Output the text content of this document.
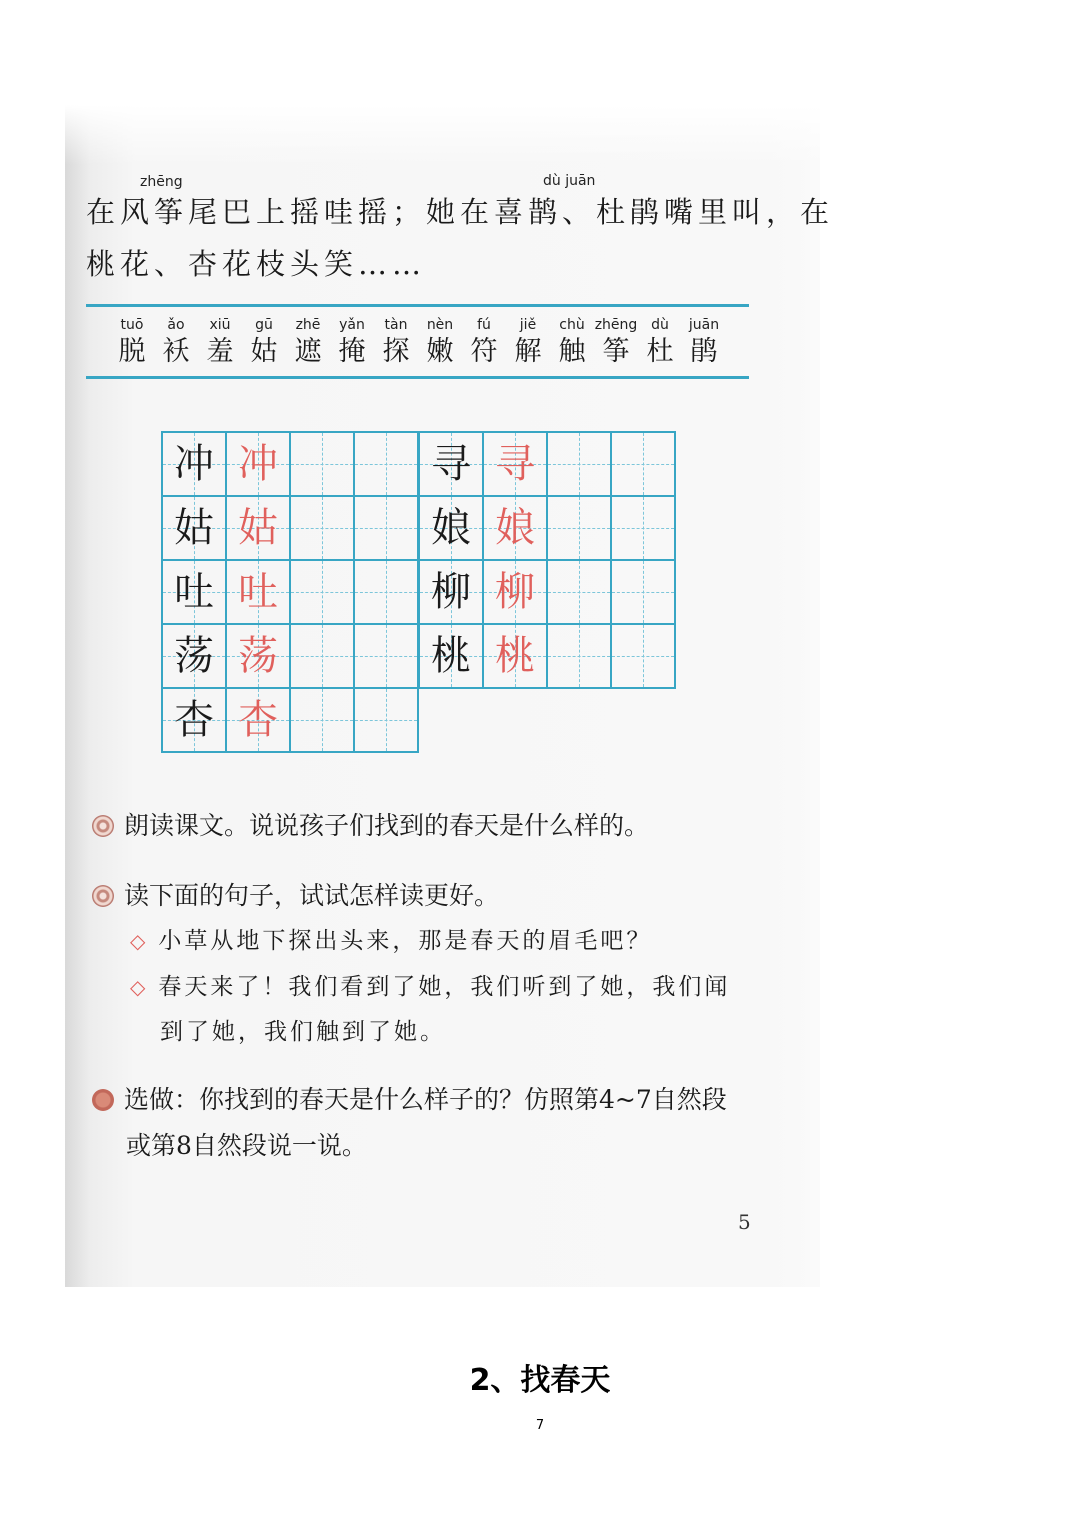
zhēng	dù juān
在风筝尾巴上摇哇摇；她在喜鹊、杜鹃嘴里叫，在
桃花、杏花枝头笑……
tuō
脱
ǎo
袄
xiū
羞
gū
姑
zhē
遮
yǎn
掩
tàn
探
nèn
嫩
fú
符
jiě
解
chù
触
zhēng
筝
dù
杜
juān
鹃
冲	冲		
姑	姑		
吐	吐		
荡	荡		
杏	杏		
寻	寻		
娘	娘		
柳	柳		
桃	桃		
朗读课文。说说孩子们找到的春天是什么样的。
读下面的句子，试试怎样读更好。
◇ 小草从地下探出头来，那是春天的眉毛吧？
◇ 春天来了！我们看到了她，我们听到了她，我们闻
到了她，我们触到了她。
选做：你找到的春天是什么样子的？仿照第4~7自然段
或第8自然段说一说。
5
2、找春天
7
